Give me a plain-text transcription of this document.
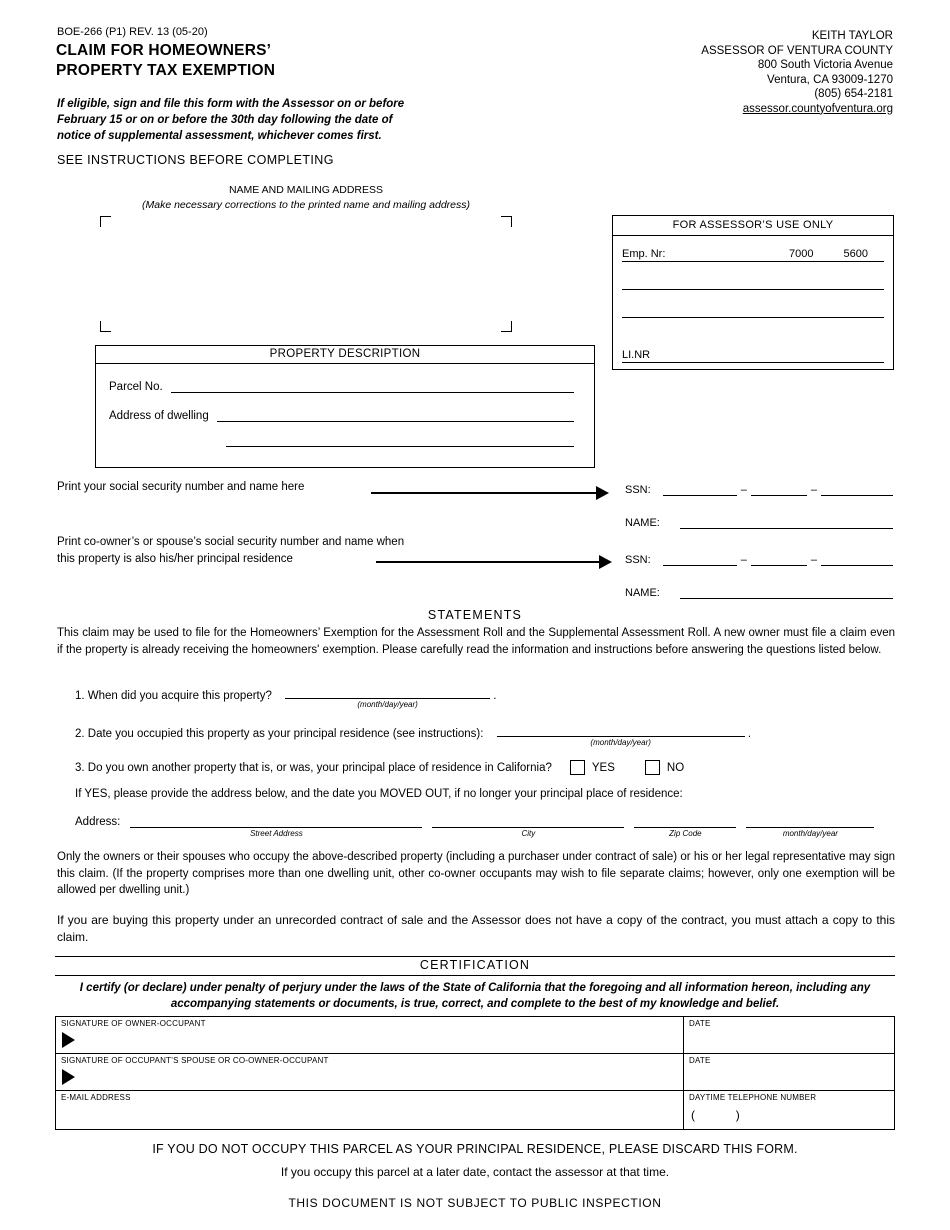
BOE-266 (P1) REV. 13 (05-20)
CLAIM FOR HOMEOWNERS’
PROPERTY TAX EXEMPTION
If eligible, sign and file this form with the Assessor on or before February 15 or on or before the 30th day following the date of notice of supplemental assessment, whichever comes first.
SEE INSTRUCTIONS BEFORE COMPLETING
KEITH TAYLOR
ASSESSOR OF VENTURA COUNTY
800 South Victoria Avenue
Ventura, CA 93009-1270
(805) 654-2181
assessor.countyofventura.org
NAME AND MAILING ADDRESS
(Make necessary corrections to the printed name and mailing address)
FOR ASSESSOR’S USE ONLY
Emp. Nr:	7000	5600
LI.NR
PROPERTY DESCRIPTION
Parcel No.
Address of dwelling
Print your social security number and name here	SSN:	–	–
NAME:
Print co-owner’s or spouse’s social security number and name when
this property is also his/her principal residence	SSN:	–	–
NAME:
STATEMENTS
This claim may be used to file for the Homeowners’ Exemption for the Assessment Roll and the Supplemental Assessment Roll. A new owner must file a claim even if the property is already receiving the homeowners' exemption. Please carefully read the information and instructions before answering the questions listed below.
1. When did you acquire this property?
(month/day/year)
.
2. Date you occupied this property as your principal residence (see instructions):
(month/day/year)
.
3. Do you own another property that is, or was, your principal place of residence in California?	YES	NO
If YES, please provide the address below, and the date you MOVED OUT, if no longer your principal place of residence:
Address:
Street Address	City	Zip Code	month/day/year
Only the owners or their spouses who occupy the above-described property (including a purchaser under contract of sale) or his or her legal representative may sign this claim. (If the property comprises more than one dwelling unit, other co-owner occupants may wish to file separate claims; however, only one exemption will be allowed per dwelling unit.)
If you are buying this property under an unrecorded contract of sale and the Assessor does not have a copy of the contract, you must attach a copy to this claim.
CERTIFICATION
I certify (or declare) under penalty of perjury under the laws of the State of California that the foregoing and all information hereon, including any accompanying statements or documents, is true, correct, and complete to the best of my knowledge and belief.
SIGNATURE OF OWNER-OCCUPANT	DATE
SIGNATURE OF OCCUPANT’S SPOUSE OR CO-OWNER-OCCUPANT	DATE
E-MAIL ADDRESS	DAYTIME TELEPHONE NUMBER
(	)
IF YOU DO NOT OCCUPY THIS PARCEL AS YOUR PRINCIPAL RESIDENCE, PLEASE DISCARD THIS FORM.
If you occupy this parcel at a later date, contact the assessor at that time.
THIS DOCUMENT IS NOT SUBJECT TO PUBLIC INSPECTION
